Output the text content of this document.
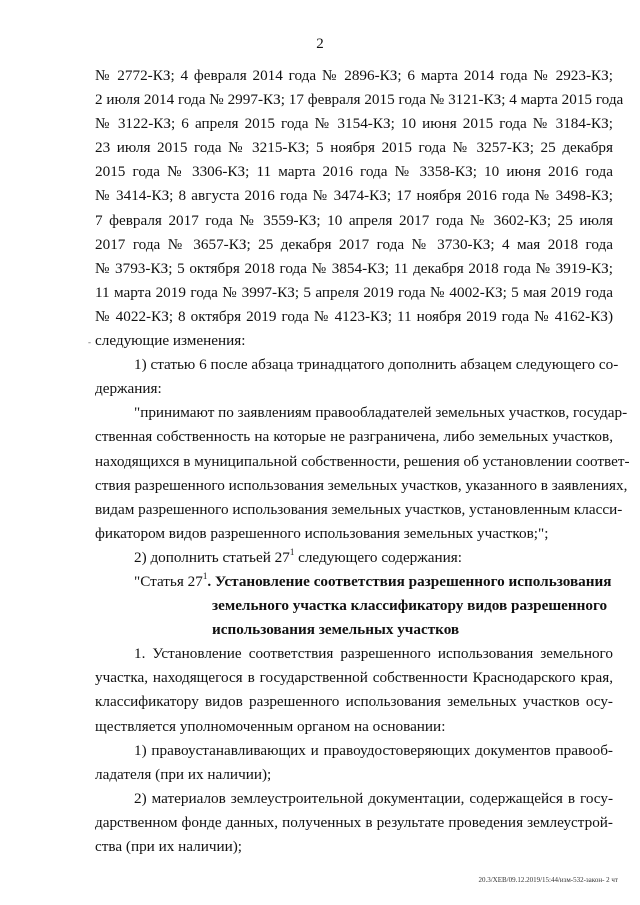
2
-
№ 2772-КЗ; 4 февраля 2014 года № 2896-КЗ; 6 марта 2014 года № 2923-КЗ;
2 июля 2014 года № 2997-КЗ; 17 февраля 2015 года № 3121-КЗ; 4 марта 2015 года
№ 3122-КЗ; 6 апреля 2015 года № 3154-КЗ; 10 июня 2015 года № 3184-КЗ;
23 июля 2015 года № 3215-КЗ; 5 ноября 2015 года № 3257-КЗ; 25 декабря
2015 года № 3306-КЗ; 11 марта 2016 года № 3358-КЗ; 10 июня 2016 года
№ 3414-КЗ; 8 августа 2016 года № 3474-КЗ; 17 ноября 2016 года № 3498-КЗ;
7 февраля 2017 года № 3559-КЗ; 10 апреля 2017 года № 3602-КЗ; 25 июля
2017 года № 3657-КЗ; 25 декабря 2017 года № 3730-КЗ; 4 мая 2018 года
№ 3793-КЗ; 5 октября 2018 года № 3854-КЗ; 11 декабря 2018 года № 3919-КЗ;
11 марта 2019 года № 3997-КЗ; 5 апреля 2019 года № 4002-КЗ; 5 мая 2019 года
№ 4022-КЗ; 8 октября 2019 года № 4123-КЗ; 11 ноября 2019 года № 4162-КЗ)
следующие изменения:
1) статью 6 после абзаца тринадцатого дополнить абзацем следующего со-
держания:
"принимают по заявлениям правообладателей земельных участков, государ-
ственная собственность на которые не разграничена, либо земельных участков,
находящихся в муниципальной собственности, решения об установлении соответ-
ствия разрешенного использования земельных участков, указанного в заявлениях,
видам разрешенного использования земельных участков, установленным класси-
фикатором видов разрешенного использования земельных участков;";
2) дополнить статьей $27^1$ следующего содержания:
"Статья $27^1$. Установление соответствия разрешенного использования
земельного участка классификатору видов разрешенного
использования земельных участков
1. Установление соответствия разрешенного использования земельного
участка, находящегося в государственной собственности Краснодарского края,
классификатору видов разрешенного использования земельных участков осу-
ществляется уполномоченным органом на основании:
1) правоустанавливающих и правоудостоверяющих документов правооб-
ладателя (при их наличии);
2) материалов землеустроительной документации, содержащейся в госу-
дарственном фонде данных, полученных в результате проведения землеустрой-
ства (при их наличии);
20.3/ХЕВ/09.12.2019/15:44/изм-532-закон- 2 чт
